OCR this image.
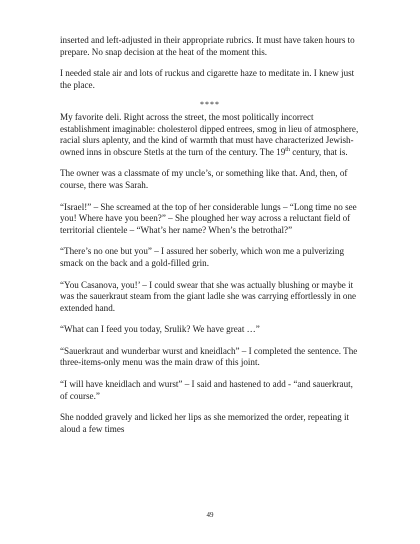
inserted and left-adjusted in their appropriate rubrics. It must have taken hours to prepare. No snap decision at the heat of the moment this.

I needed stale air and lots of ruckus and cigarette haze to meditate in. I knew just the place.

****

My favorite deli. Right across the street, the most politically incorrect establishment imaginable: cholesterol dipped entrees, smog in lieu of atmosphere, racial slurs aplenty, and the kind of warmth that must have characterized Jewish-owned inns in obscure Stetls at the turn of the century. The 19th century, that is.

The owner was a classmate of my uncle’s, or something like that. And, then, of course, there was Sarah.

“Israel!” – She screamed at the top of her considerable lungs – “Long time no see you! Where have you been?” – She ploughed her way across a reluctant field of territorial clientele – “What’s her name? When’s the betrothal?”

“There’s no one but you” – I assured her soberly, which won me a pulverizing smack on the back and a gold-filled grin.

“You Casanova, you!’ – I could swear that she was actually blushing or maybe it was the sauerkraut steam from the giant ladle she was carrying effortlessly in one extended hand.

“What can I feed you today, Srulik? We have great …”

“Sauerkraut and wunderbar wurst and kneidlach” – I completed the sentence. The three-items-only menu was the main draw of this joint.

“I will have kneidlach and wurst” – I said and hastened to add - “and sauerkraut, of course.”

She nodded gravely and licked her lips as she memorized the order, repeating it aloud a few times

49
